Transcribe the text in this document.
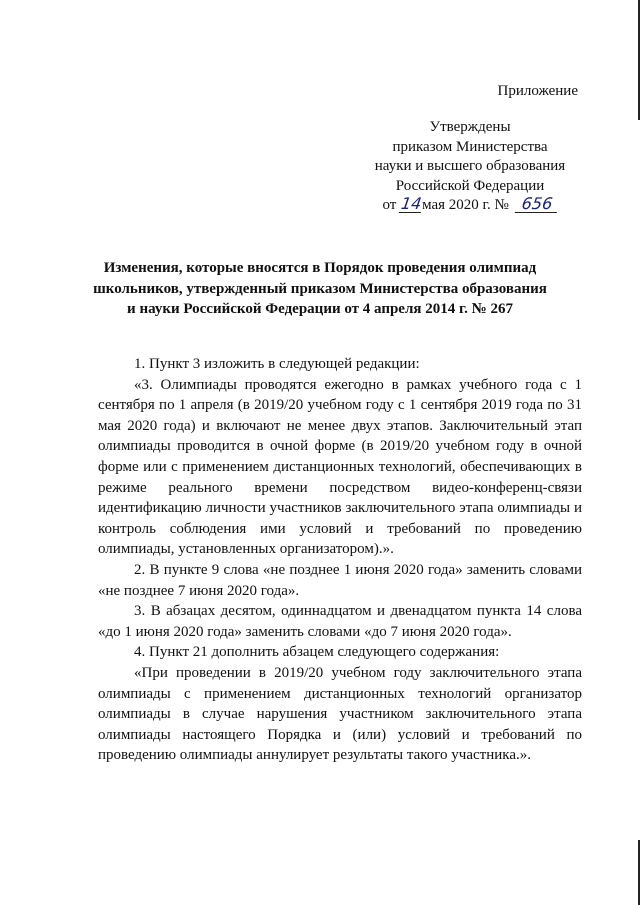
Приложение
Утверждены
приказом Министерства
науки и высшего образования
Российской Федерации
от 14мая 2020 г. № 656
Изменения, которые вносятся в Порядок проведения олимпиад
школьников, утвержденный приказом Министерства образования
и науки Российской Федерации от 4 апреля 2014 г. № 267

1. Пункт 3 изложить в следующей редакции:

«3. Олимпиады проводятся ежегодно в рамках учебного года с 1 сентября по 1 апреля (в 2019/20 учебном году с 1 сентября 2019 года по 31 мая 2020 года) и включают не менее двух этапов. Заключительный этап олимпиады проводится в очной форме (в 2019/20 учебном году в очной форме или с применением дистанционных технологий, обеспечивающих в режиме реального времени посредством видео-конференц-связи идентификацию личности участников заключительного этапа олимпиады и контроль соблюдения ими условий и требований по проведению олимпиады, установленных организатором).».

2. В пункте 9 слова «не позднее 1 июня 2020 года» заменить словами «не позднее 7 июня 2020 года».

3. В абзацах десятом, одиннадцатом и двенадцатом пункта 14 слова «до 1 июня 2020 года» заменить словами «до 7 июня 2020 года».

4. Пункт 21 дополнить абзацем следующего содержания:

«При проведении в 2019/20 учебном году заключительного этапа олимпиады с применением дистанционных технологий организатор олимпиады в случае нарушения участником заключительного этапа олимпиады настоящего Порядка и (или) условий и требований по проведению олимпиады аннулирует результаты такого участника.».
